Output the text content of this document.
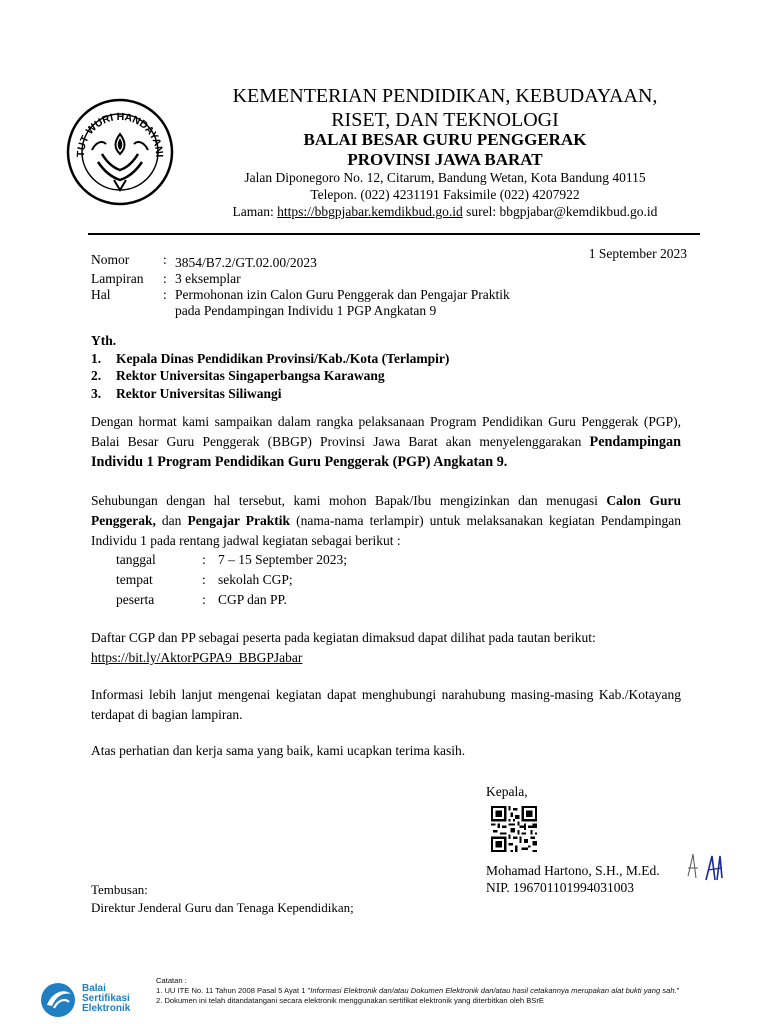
TUT WURI HANDAYANI
KEMENTERIAN PENDIDIKAN, KEBUDAYAAN,
RISET, DAN TEKNOLOGI
BALAI BESAR GURU PENGGERAK
PROVINSI JAWA BARAT
Jalan Diponegoro No. 12, Citarum, Bandung Wetan, Kota Bandung 40115
Telepon. (022) 4231191 Faksimile (022) 4207922
Laman: https://bbgpjabar.kemdikbud.go.id surel: bbgpjabar@kemdikbud.go.id
1 September 2023
Nomor	: 3854/B7.2/GT.02.00/2023
Lampiran	: 3 eksemplar
Hal	: Permohonan izin Calon Guru Penggerak dan Pengajar Praktik
pada Pendampingan Individu 1 PGP Angkatan 9
Yth.
1.	Kepala Dinas Pendidikan Provinsi/Kab./Kota (Terlampir)
2.	Rektor Universitas Singaperbangsa Karawang
3.	Rektor Universitas Siliwangi
Dengan hormat kami sampaikan dalam rangka pelaksanaan Program Pendidikan Guru Penggerak (PGP), Balai Besar Guru Penggerak (BBGP) Provinsi Jawa Barat akan menyelenggarakan Pendampingan Individu 1 Program Pendidikan Guru Penggerak (PGP) Angkatan 9.
Sehubungan dengan hal tersebut, kami mohon Bapak/Ibu mengizinkan dan menugasi Calon Guru Penggerak, dan Pengajar Praktik (nama-nama terlampir) untuk melaksanakan kegiatan Pendampingan Individu 1 pada rentang jadwal kegiatan sebagai berikut :
tanggal	: 7 – 15 September 2023;
tempat	: sekolah CGP;
peserta	: CGP dan PP.
Daftar CGP dan PP sebagai peserta pada kegiatan dimaksud dapat dilihat pada tautan berikut: https://bit.ly/AktorPGPA9_BBGPJabar
Informasi lebih lanjut mengenai kegiatan dapat menghubungi narahubung masing-masing Kab./Kotayang terdapat di bagian lampiran.
Atas perhatian dan kerja sama yang baik, kami ucapkan terima kasih.
Kepala,
Mohamad Hartono, S.H., M.Ed.
NIP. 196701101994031003
Tembusan:
Direktur Jenderal Guru dan Tenaga Kependidikan;
Balai
Sertifikasi
Elektronik
Catatan :
1. UU ITE No. 11 Tahun 2008 Pasal 5 Ayat 1 "Informasi Elektronik dan/atau Dokumen Elektronik dan/atau hasil cetakannya merupakan alat bukti yang sah."
2. Dokumen ini telah ditandatangani secara elektronik menggunakan sertifikat elektronik yang diterbitkan oleh BSrE
